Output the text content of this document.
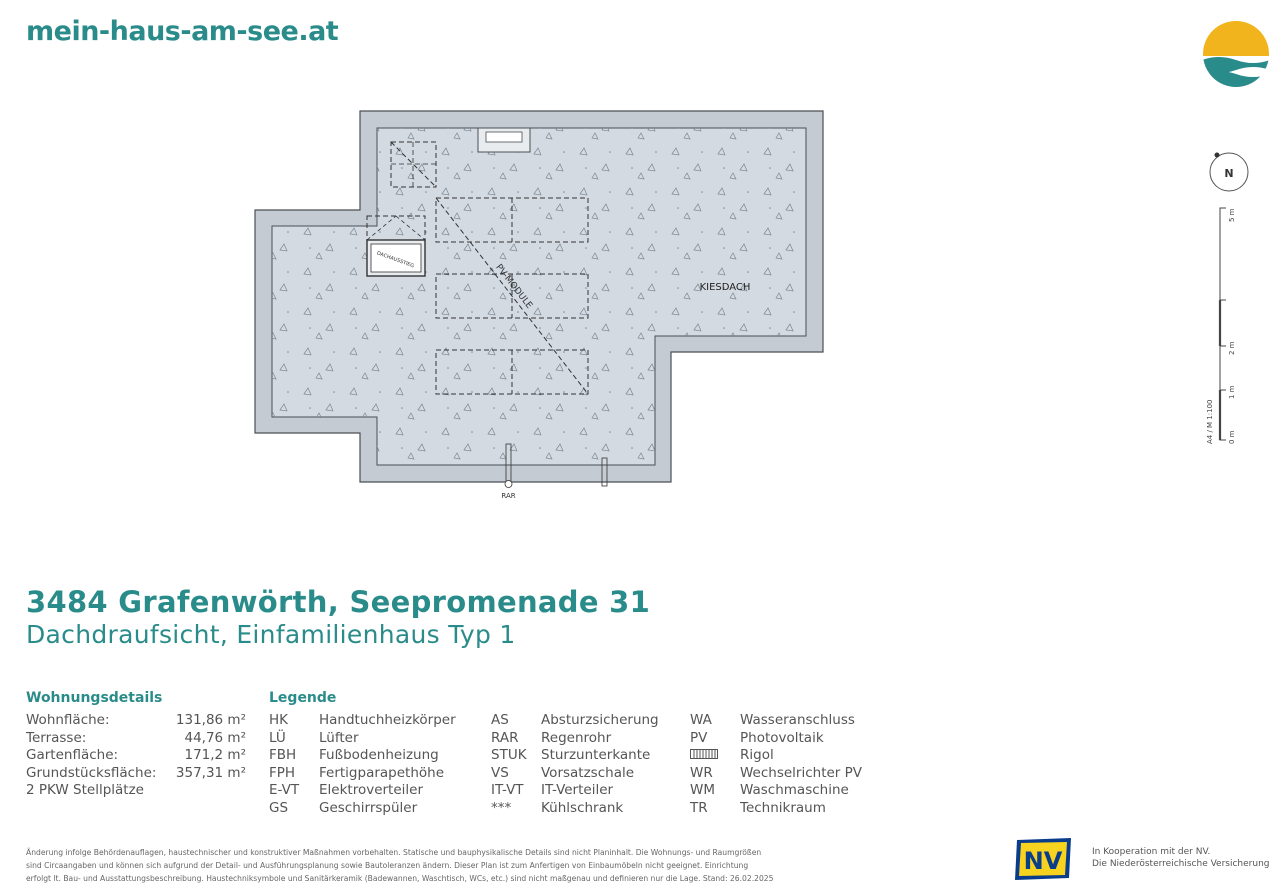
mein-haus-am-see.at
DACHAUSSTIEG
PV-MODULE	KIESDACH
RAR
N
5 m
2 m
1 m
0 m
A4 / M 1:100
3484 Grafenwörth, Seepromenade 31
Dachdraufsicht, Einfamilienhaus Typ 1
Wohnungsdetails
Wohnfläche:	131,86 m²
Terrasse:	44,76 m²
Gartenfläche:	171,2 m²
Grundstücksfläche: 357,31 m²
2 PKW Stellplätze
Legende
HK Handtuchheizkörper
LÜ Lüfter
FBH Fußbodenheizung
FPH Fertigparapethöhe
E-VT Elektroverteiler
GS Geschirrspüler
AS Absturzsicherung
RAR Regenrohr
STUK Sturzunterkante
VS Vorsatzschale
IT-VT IT-Verteiler
*** Kühlschrank
WA Wasseranschluss
PV Photovoltaik
Rigol
WR Wechselrichter PV
WM Waschmaschine
TR Technikraum
Änderung infolge Behördenauflagen, haustechnischer und konstruktiver Maßnahmen vorbehalten. Statische und bauphysikalische Details sind nicht Planinhalt. Die Wohnungs- und Raumgrößen
sind Circaangaben und können sich aufgrund der Detail- und Ausführungsplanung sowie Bautoleranzen ändern. Dieser Plan ist zum Anfertigen von Einbaumöbeln nicht geeignet. Einrichtung
erfolgt lt. Bau- und Ausstattungsbeschreibung. Haustechniksymbole und Sanitärkeramik (Badewannen, Waschtisch, WCs, etc.) sind nicht maßgenau und definieren nur die Lage. Stand: 26.02.2025
NV	In Kooperation mit der NV.
Die Niederösterreichische Versicherung
